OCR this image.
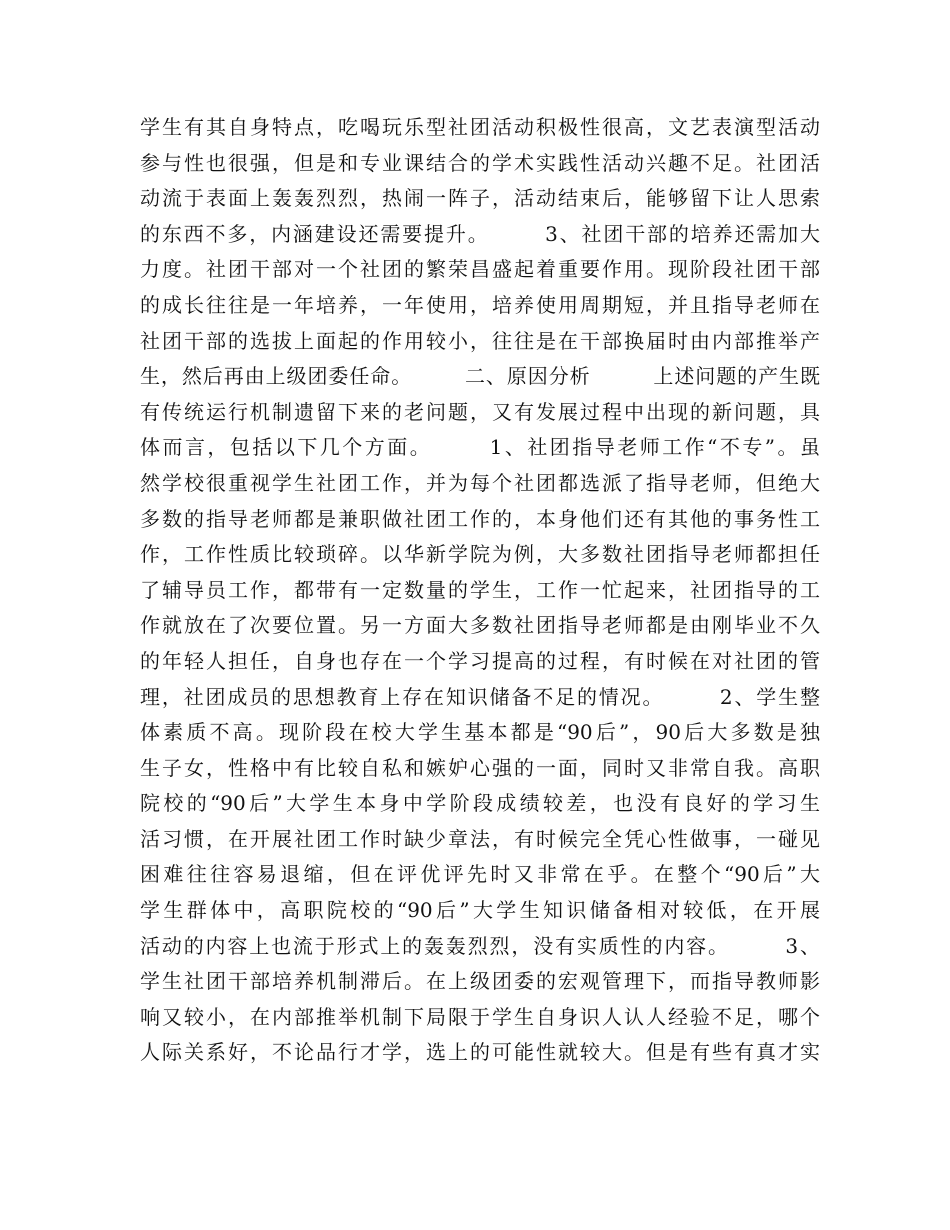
学生有其自身特点，吃喝玩乐型社团活动积极性很高，文艺表演型活动
参与性也很强，但是和专业课结合的学术实践性活动兴趣不足。社团活
动流于表面上轰轰烈烈，热闹一阵子，活动结束后，能够留下让人思索
的东西不多，内涵建设还需要提升。　　　3、社团干部的培养还需加大
力度。社团干部对一个社团的繁荣昌盛起着重要作用。现阶段社团干部
的成长往往是一年培养，一年使用，培养使用周期短，并且指导老师在
社团干部的选拔上面起的作用较小，往往是在干部换届时由内部推举产
生，然后再由上级团委任命。　　　二、原因分析　　　上述问题的产生既
有传统运行机制遗留下来的老问题，又有发展过程中出现的新问题，具
体而言，包括以下几个方面。　　　1、社团指导老师工作“不专”。虽
然学校很重视学生社团工作，并为每个社团都选派了指导老师，但绝大
多数的指导老师都是兼职做社团工作的，本身他们还有其他的事务性工
作，工作性质比较琐碎。以华新学院为例，大多数社团指导老师都担任
了辅导员工作，都带有一定数量的学生，工作一忙起来，社团指导的工
作就放在了次要位置。另一方面大多数社团指导老师都是由刚毕业不久
的年轻人担任，自身也存在一个学习提高的过程，有时候在对社团的管
理，社团成员的思想教育上存在知识储备不足的情况。　　　2、学生整
体素质不高。现阶段在校大学生基本都是“90后”，90后大多数是独
生子女，性格中有比较自私和嫉妒心强的一面，同时又非常自我。高职
院校的“90后”大学生本身中学阶段成绩较差，也没有良好的学习生
活习惯，在开展社团工作时缺少章法，有时候完全凭心性做事，一碰见
困难往往容易退缩，但在评优评先时又非常在乎。在整个“90后”大
学生群体中，高职院校的“90后”大学生知识储备相对较低，在开展
活动的内容上也流于形式上的轰轰烈烈，没有实质性的内容。　　　3、
学生社团干部培养机制滞后。在上级团委的宏观管理下，而指导教师影
响又较小，在内部推举机制下局限于学生自身识人认人经验不足，哪个
人际关系好，不论品行才学，选上的可能性就较大。但是有些有真才实
